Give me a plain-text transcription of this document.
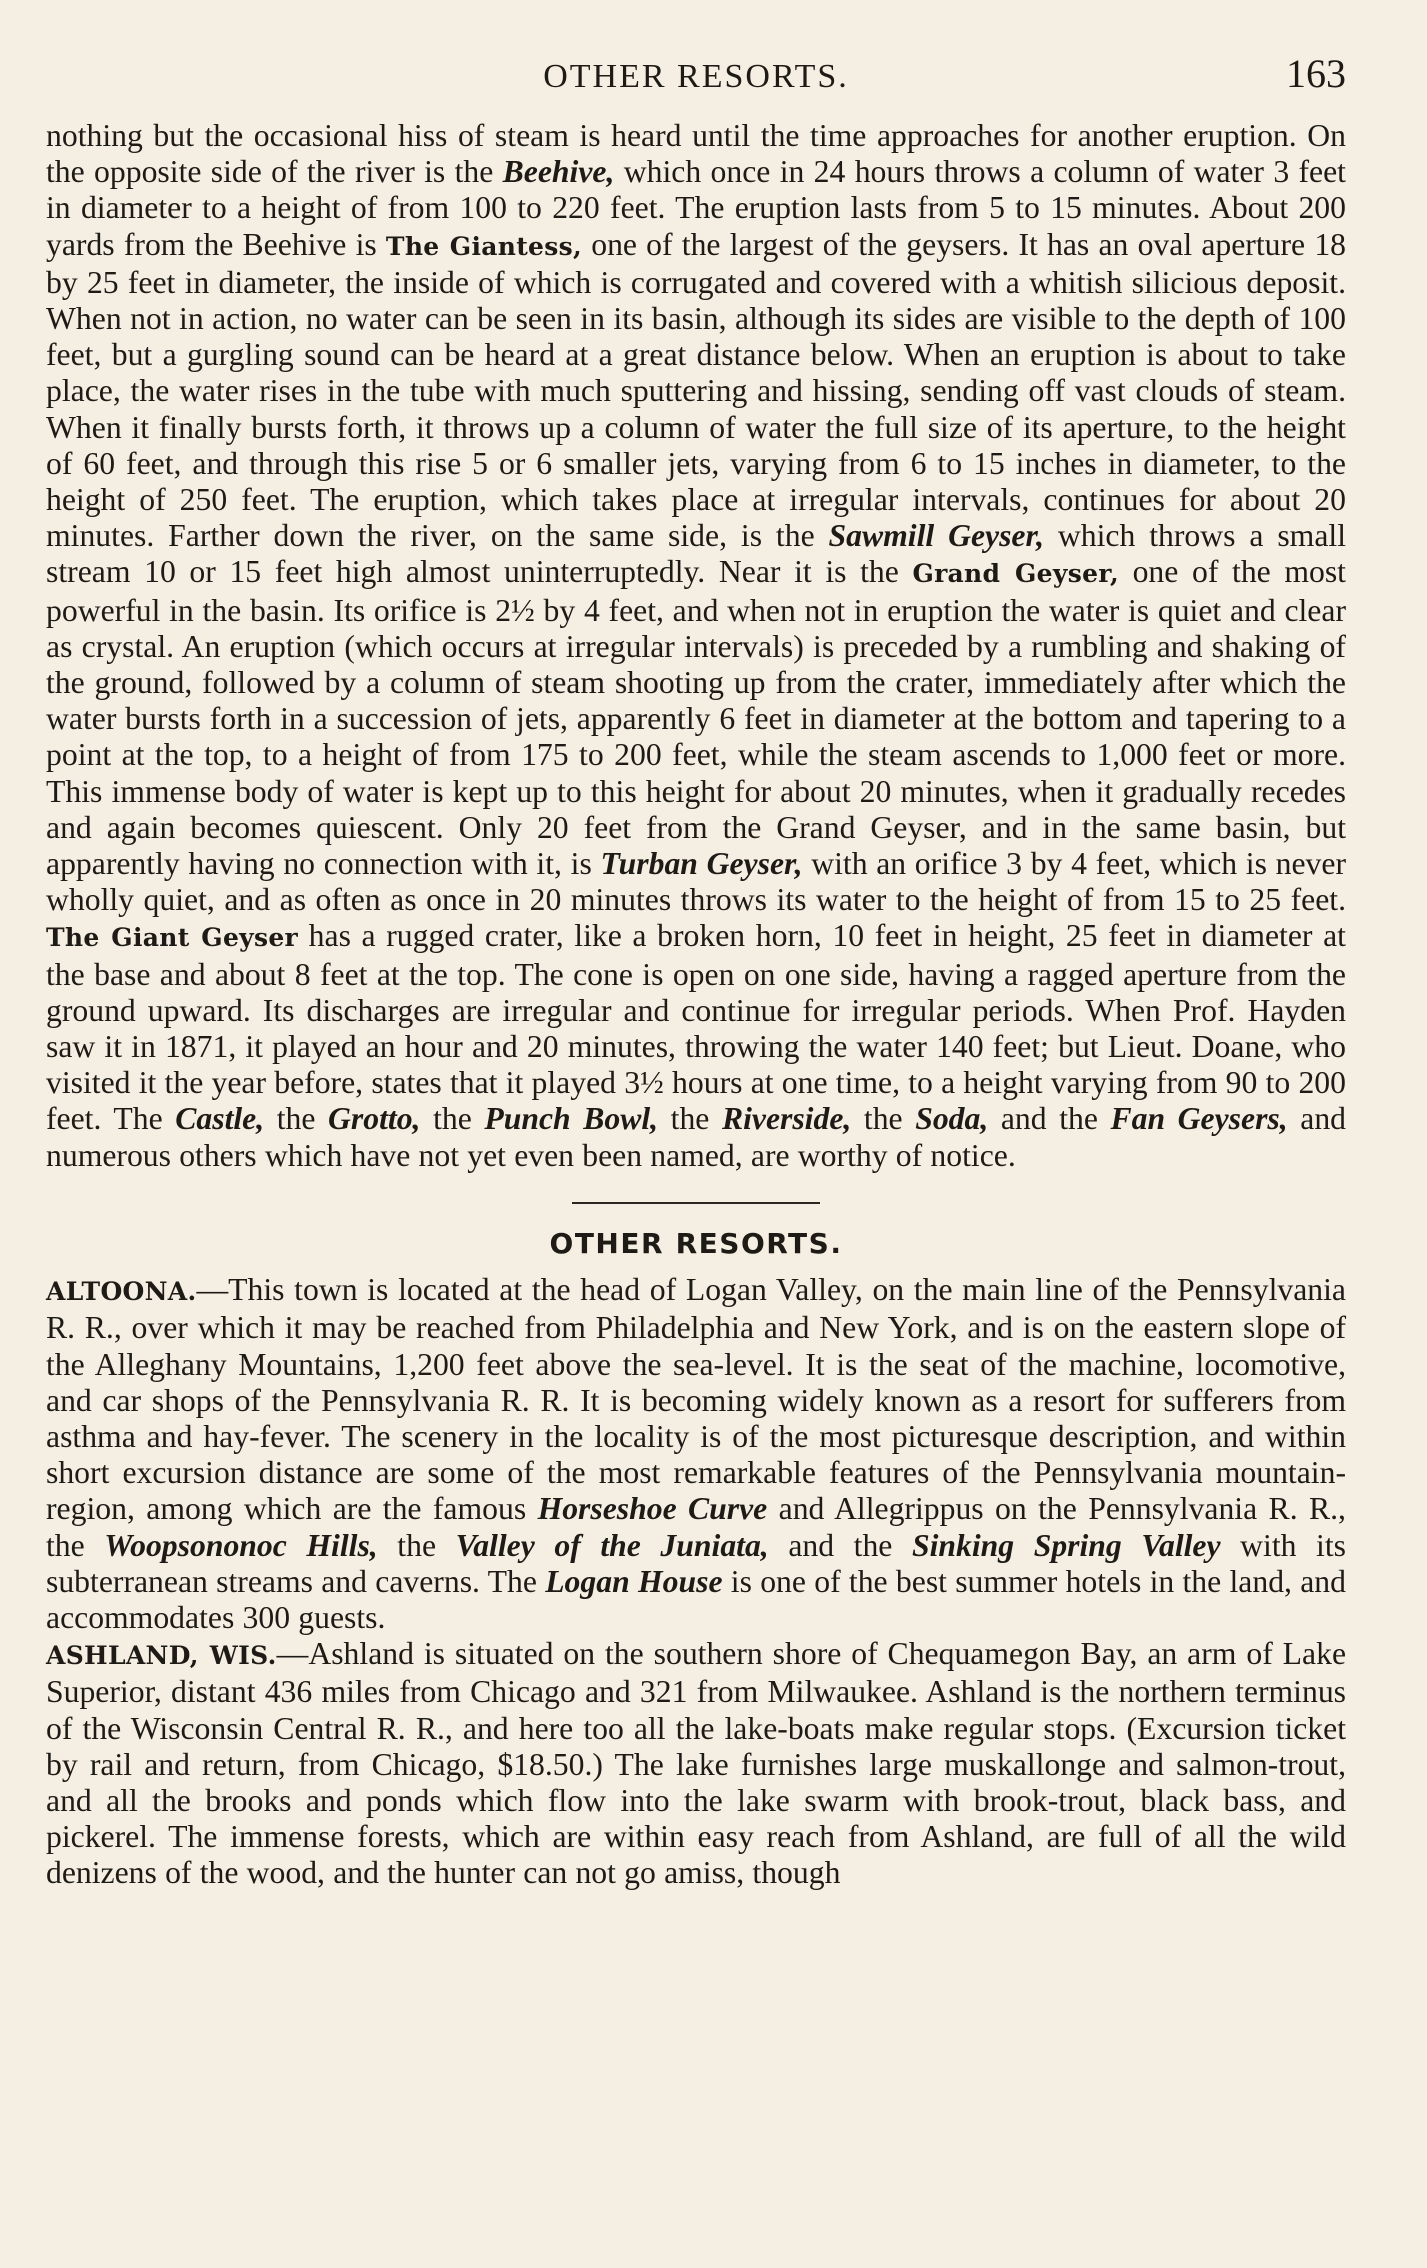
OTHER RESORTS.	163

nothing but the occasional hiss of steam is heard until the time approaches for another eruption. On the opposite side of the river is the Beehive, which once in 24 hours throws a column of water 3 feet in diameter to a height of from 100 to 220 feet. The eruption lasts from 5 to 15 minutes. About 200 yards from the Beehive is The Giantess, one of the largest of the geysers. It has an oval aperture 18 by 25 feet in diameter, the inside of which is corrugated and covered with a whitish silicious deposit. When not in action, no water can be seen in its basin, although its sides are visible to the depth of 100 feet, but a gurgling sound can be heard at a great distance below. When an eruption is about to take place, the water rises in the tube with much sputtering and hissing, sending off vast clouds of steam. When it finally bursts forth, it throws up a column of water the full size of its aperture, to the height of 60 feet, and through this rise 5 or 6 smaller jets, varying from 6 to 15 inches in diameter, to the height of 250 feet. The eruption, which takes place at irregular intervals, continues for about 20 minutes. Farther down the river, on the same side, is the Sawmill Geyser, which throws a small stream 10 or 15 feet high almost uninterruptedly. Near it is the Grand Geyser, one of the most powerful in the basin. Its orifice is 2½ by 4 feet, and when not in eruption the water is quiet and clear as crystal. An eruption (which occurs at irregular intervals) is preceded by a rumbling and shaking of the ground, followed by a column of steam shooting up from the crater, immediately after which the water bursts forth in a succession of jets, apparently 6 feet in diameter at the bottom and tapering to a point at the top, to a height of from 175 to 200 feet, while the steam ascends to 1,000 feet or more. This immense body of water is kept up to this height for about 20 minutes, when it gradually recedes and again becomes quiescent. Only 20 feet from the Grand Geyser, and in the same basin, but apparently having no connection with it, is Turban Geyser, with an orifice 3 by 4 feet, which is never wholly quiet, and as often as once in 20 minutes throws its water to the height of from 15 to 25 feet. The Giant Geyser has a rugged crater, like a broken horn, 10 feet in height, 25 feet in diameter at the base and about 8 feet at the top. The cone is open on one side, having a ragged aperture from the ground upward. Its discharges are irregular and continue for irregular periods. When Prof. Hayden saw it in 1871, it played an hour and 20 minutes, throwing the water 140 feet; but Lieut. Doane, who visited it the year before, states that it played 3½ hours at one time, to a height varying from 90 to 200 feet. The Castle, the Grotto, the Punch Bowl, the Riverside, the Soda, and the Fan Geysers, and numerous others which have not yet even been named, are worthy of notice.

OTHER RESORTS.

ALTOONA.—This town is located at the head of Logan Valley, on the main line of the Pennsylvania R. R., over which it may be reached from Philadelphia and New York, and is on the eastern slope of the Alleghany Mountains, 1,200 feet above the sea-level. It is the seat of the machine, locomotive, and car shops of the Pennsylvania R. R. It is becoming widely known as a resort for sufferers from asthma and hay-fever. The scenery in the locality is of the most picturesque description, and within short excursion distance are some of the most remarkable features of the Pennsylvania mountain-region, among which are the famous Horseshoe Curve and Allegrippus on the Pennsylvania R. R., the Woopsononoc Hills, the Valley of the Juniata, and the Sinking Spring Valley with its subterranean streams and caverns. The Logan House is one of the best summer hotels in the land, and accommodates 300 guests.

ASHLAND, WIS.—Ashland is situated on the southern shore of Chequamegon Bay, an arm of Lake Superior, distant 436 miles from Chicago and 321 from Milwaukee. Ashland is the northern terminus of the Wisconsin Central R. R., and here too all the lake-boats make regular stops. (Excursion ticket by rail and return, from Chicago, $18.50.) The lake furnishes large muskallonge and salmon-trout, and all the brooks and ponds which flow into the lake swarm with brook-trout, black bass, and pickerel. The immense forests, which are within easy reach from Ashland, are full of all the wild denizens of the wood, and the hunter can not go amiss, though
